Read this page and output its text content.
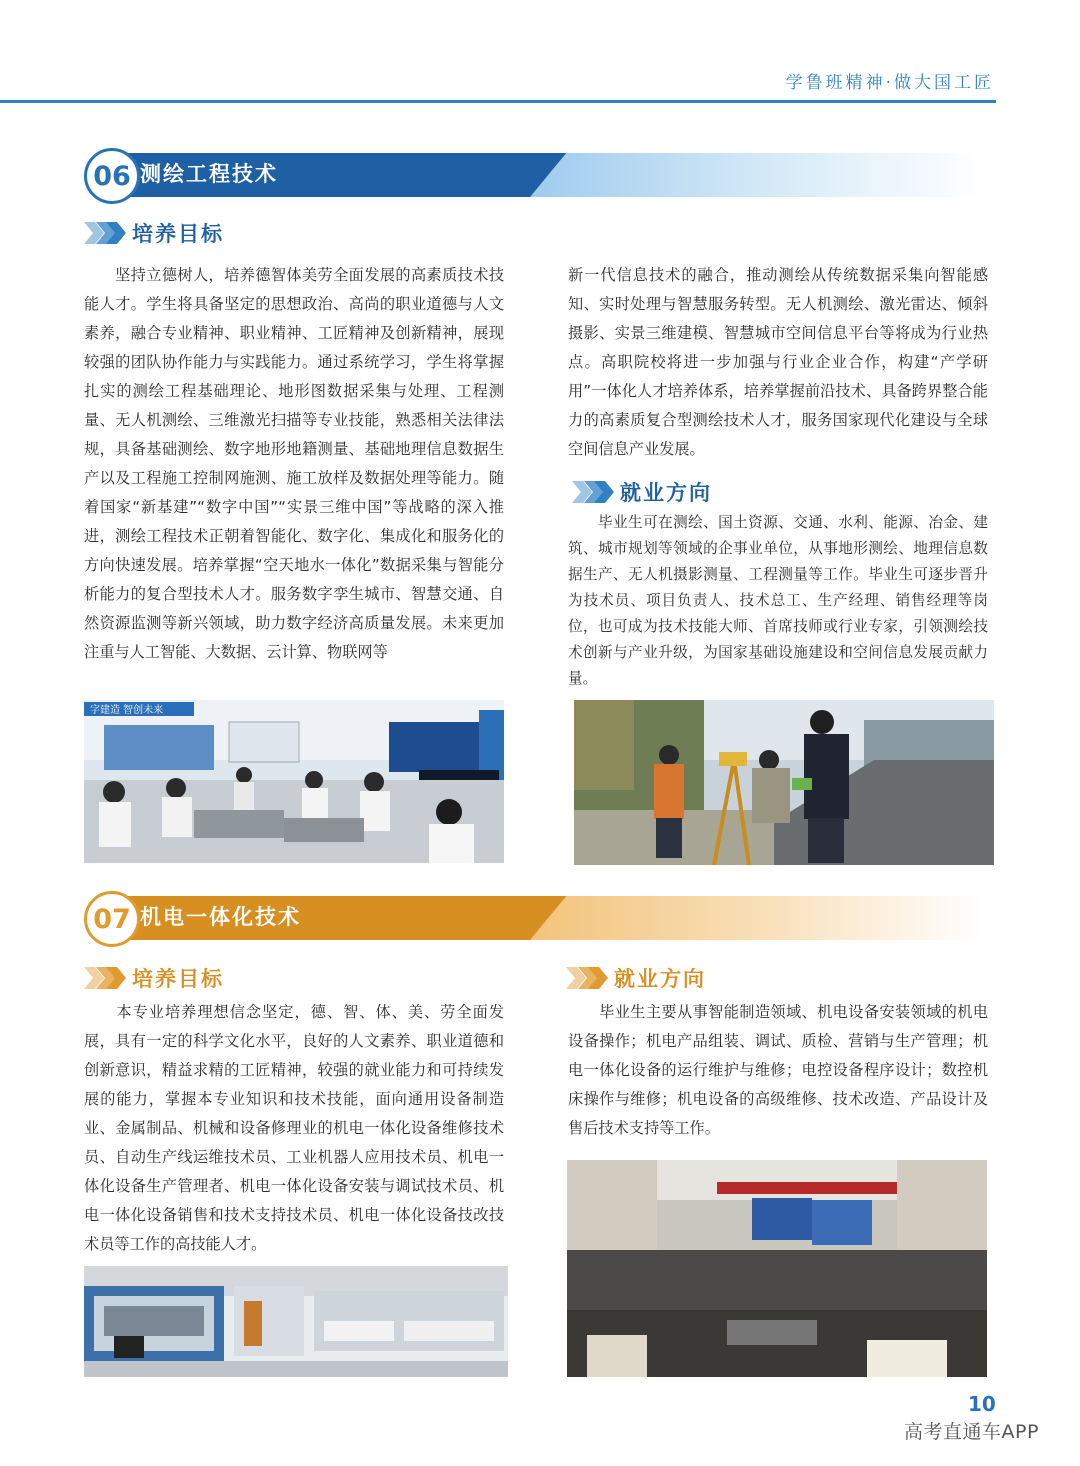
学鲁班精神·做大国工匠
06 测绘工程技术
培养目标
　　坚持立德树人，培养德智体美劳全面发展的高素质技术技能人才。学生将具备坚定的思想政治、高尚的职业道德与人文素养，融合专业精神、职业精神、工匠精神及创新精神，展现较强的团队协作能力与实践能力。通过系统学习，学生将掌握扎实的测绘工程基础理论、地形图数据采集与处理、工程测量、无人机测绘、三维激光扫描等专业技能，熟悉相关法律法规，具备基础测绘、数字地形地籍测量、基础地理信息数据生产以及工程施工控制网施测、施工放样及数据处理等能力。随着国家“新基建”“数字中国”“实景三维中国”等战略的深入推进，测绘工程技术正朝着智能化、数字化、集成化和服务化的方向快速发展。培养掌握“空天地水一体化”数据采集与智能分析能力的复合型技术人才。服务数字孪生城市、智慧交通、自然资源监测等新兴领域，助力数字经济高质量发展。未来更加注重与人工智能、大数据、云计算、物联网等
新一代信息技术的融合，推动测绘从传统数据采集向智能感知、实时处理与智慧服务转型。无人机测绘、激光雷达、倾斜摄影、实景三维建模、智慧城市空间信息平台等将成为行业热点。高职院校将进一步加强与行业企业合作，构建“产学研用”一体化人才培养体系，培养掌握前沿技术、具备跨界整合能力的高素质复合型测绘技术人才，服务国家现代化建设与全球空间信息产业发展。
就业方向
　　毕业生可在测绘、国土资源、交通、水利、能源、冶金、建筑、城市规划等领域的企事业单位，从事地形测绘、地理信息数据生产、无人机摄影测量、工程测量等工作。毕业生可逐步晋升为技术员、项目负责人、技术总工、生产经理、销售经理等岗位，也可成为技术技能大师、首席技师或行业专家，引领测绘技术创新与产业升级，为国家基础设施建设和空间信息发展贡献力量。
字建造 智创未来
07 机电一体化技术
培养目标
　　本专业培养理想信念坚定，德、智、体、美、劳全面发展，具有一定的科学文化水平，良好的人文素养、职业道德和创新意识，精益求精的工匠精神，较强的就业能力和可持续发展的能力，掌握本专业知识和技术技能，面向通用设备制造业、金属制品、机械和设备修理业的机电一体化设备维修技术员、自动生产线运维技术员、工业机器人应用技术员、机电一体化设备生产管理者、机电一体化设备安装与调试技术员、机电一体化设备销售和技术支持技术员、机电一体化设备技改技术员等工作的高技能人才。
就业方向
　　毕业生主要从事智能制造领域、机电设备安装领域的机电设备操作；机电产品组装、调试、质检、营销与生产管理；机电一体化设备的运行维护与维修；电控设备程序设计；数控机床操作与维修；机电设备的高级维修、技术改造、产品设计及售后技术支持等工作。
10
高考直通车APP
